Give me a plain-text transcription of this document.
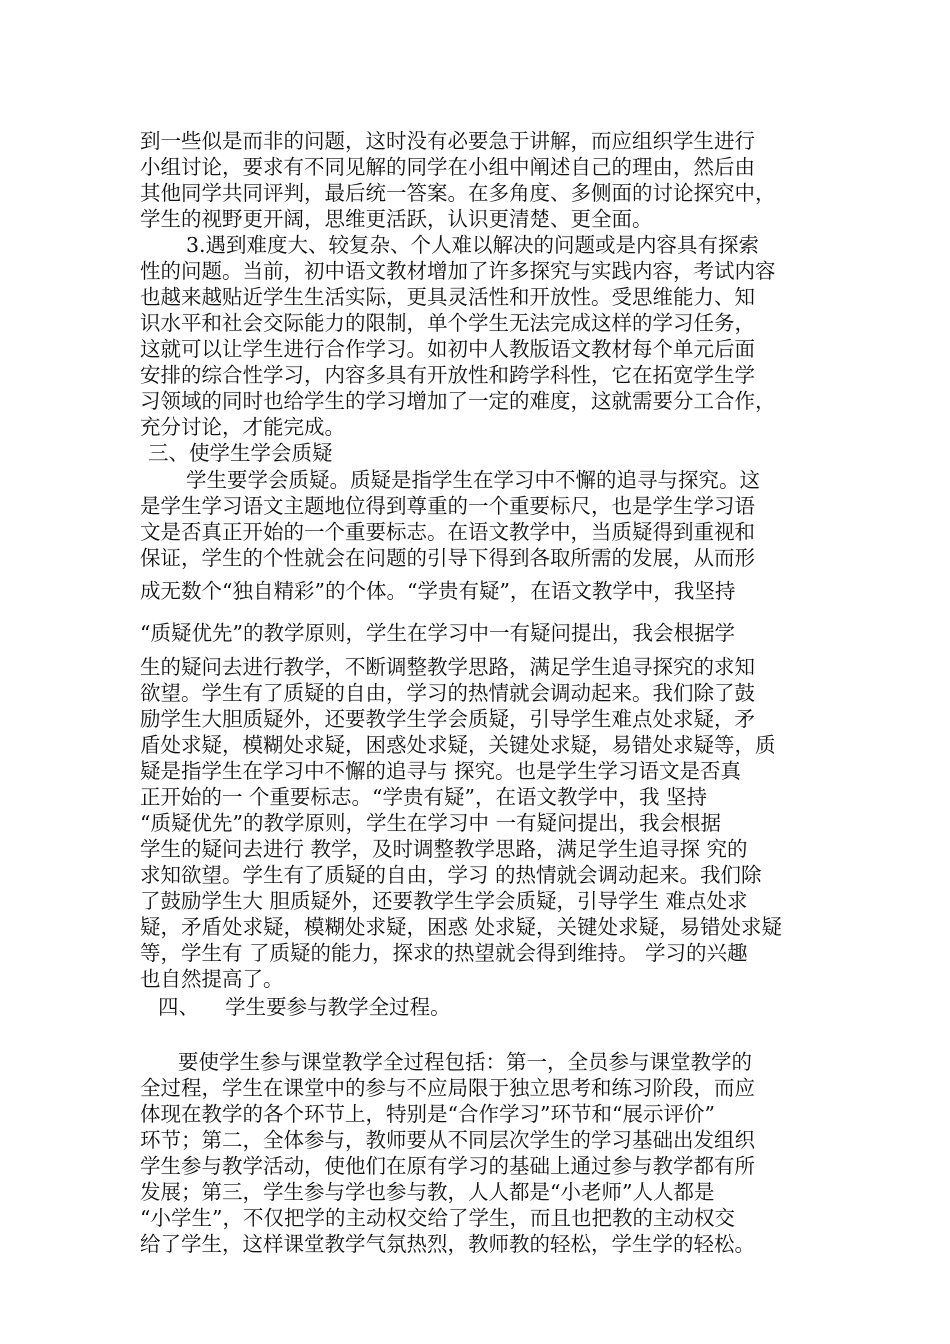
到一些似是而非的问题，这时没有必要急于讲解，而应组织学生进行
小组讨论，要求有不同见解的同学在小组中阐述自己的理由，然后由
其他同学共同评判，最后统一答案。在多角度、多侧面的讨论探究中，
学生的视野更开阔，思维更活跃，认识更清楚、更全面。
3.遇到难度大、较复杂、个人难以解决的问题或是内容具有探索
性的问题。当前，初中语文教材增加了许多探究与实践内容，考试内容
也越来越贴近学生生活实际，更具灵活性和开放性。受思维能力、知
识水平和社会交际能力的限制，单个学生无法完成这样的学习任务，
这就可以让学生进行合作学习。如初中人教版语文教材每个单元后面
安排的综合性学习，内容多具有开放性和跨学科性，它在拓宽学生学
习领域的同时也给学生的学习增加了一定的难度，这就需要分工合作，
充分讨论，才能完成。
三、使学生学会质疑
学生要学会质疑。质疑是指学生在学习中不懈的追寻与探究。这
是学生学习语文主题地位得到尊重的一个重要标尺，也是学生学习语
文是否真正开始的一个重要标志。在语文教学中，当质疑得到重视和
保证，学生的个性就会在问题的引导下得到各取所需的发展，从而形
成无数个“独自精彩”的个体。“学贵有疑”，在语文教学中，我坚持
“质疑优先”的教学原则，学生在学习中一有疑问提出，我会根据学
生的疑问去进行教学，不断调整教学思路，满足学生追寻探究的求知
欲望。学生有了质疑的自由，学习的热情就会调动起来。我们除了鼓
励学生大胆质疑外，还要教学生学会质疑，引导学生难点处求疑，矛
盾处求疑，模糊处求疑，困惑处求疑，关键处求疑，易错处求疑等，质
疑是指学生在学习中不懈的追寻与 探究。也是学生学习语文是否真
正开始的一 个重要标志。“学贵有疑”，在语文教学中，我 坚持
“质疑优先”的教学原则，学生在学习中 一有疑问提出，我会根据
学生的疑问去进行 教学，及时调整教学思路，满足学生追寻探 究的
求知欲望。学生有了质疑的自由，学习 的热情就会调动起来。我们除
了鼓励学生大 胆质疑外，还要教学生学会质疑，引导学生 难点处求
疑，矛盾处求疑，模糊处求疑，困惑 处求疑，关键处求疑，易错处求疑
等，学生有 了质疑的能力，探求的热望就会得到维持。 学习的兴趣
也自然提高了。
四、    学生要参与教学全过程。
要使学生参与课堂教学全过程包括：第一，全员参与课堂教学的
全过程，学生在课堂中的参与不应局限于独立思考和练习阶段，而应
体现在教学的各个环节上，特别是“合作学习”环节和“展示评价”
环节；第二，全体参与，教师要从不同层次学生的学习基础出发组织
学生参与教学活动，使他们在原有学习的基础上通过参与教学都有所
发展；第三，学生参与学也参与教，人人都是“小老师”人人都是
“小学生”，不仅把学的主动权交给了学生，而且也把教的主动权交
给了学生，这样课堂教学气氛热烈，教师教的轻松，学生学的轻松。
